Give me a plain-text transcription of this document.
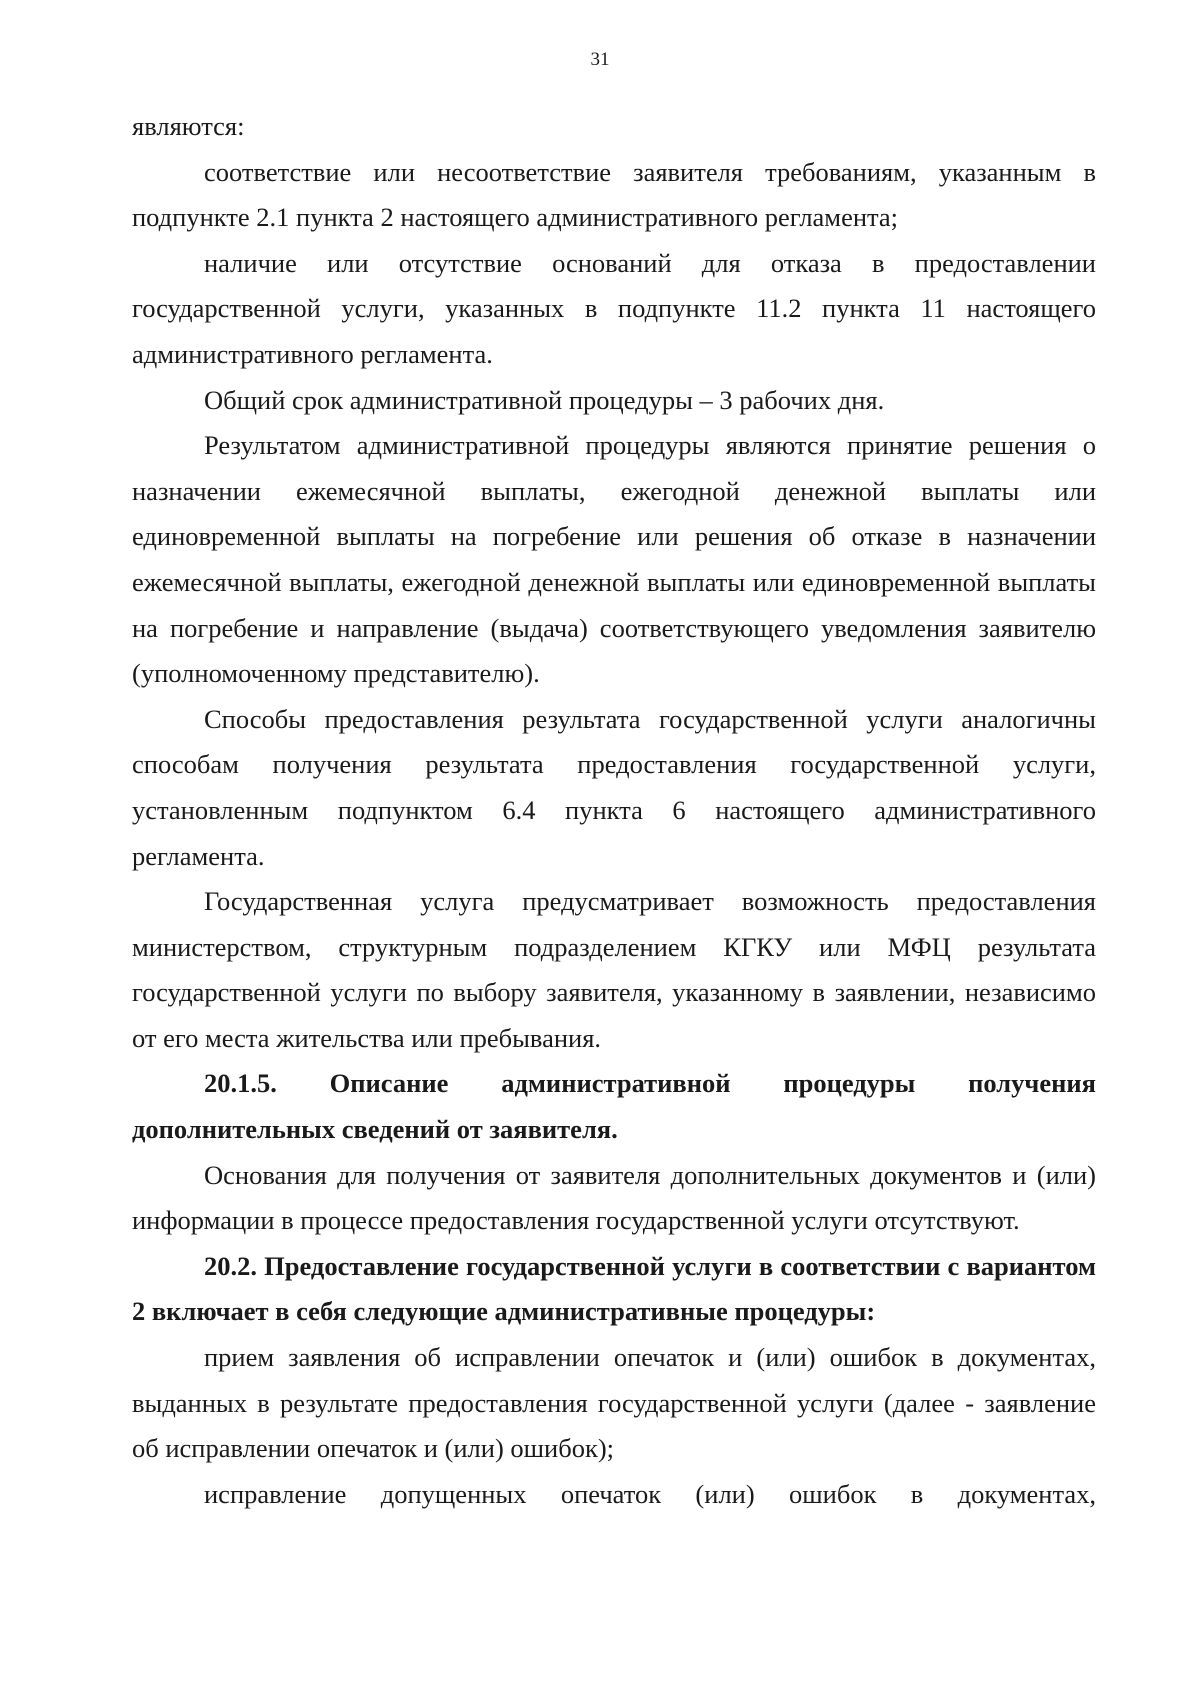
31

являются:

соответствие или несоответствие заявителя требованиям, указанным в подпункте 2.1 пункта 2 настоящего административного регламента;

наличие или отсутствие оснований для отказа в предоставлении государственной услуги, указанных в подпункте 11.2 пункта 11 настоящего административного регламента.

Общий срок административной процедуры – 3 рабочих дня.

Результатом административной процедуры являются принятие решения о назначении ежемесячной выплаты, ежегодной денежной выплаты или единовременной выплаты на погребение или решения об отказе в назначении ежемесячной выплаты, ежегодной денежной выплаты или единовременной выплаты на погребение и направление (выдача) соответствующего уведомления заявителю (уполномоченному представителю).

Способы предоставления результата государственной услуги аналогичны способам получения результата предоставления государственной услуги, установленным подпунктом 6.4 пункта 6 настоящего административного регламента.

Государственная услуга предусматривает возможность предоставления министерством, структурным подразделением КГКУ или МФЦ результата государственной услуги по выбору заявителя, указанному в заявлении, независимо от его места жительства или пребывания.

20.1.5. Описание административной процедуры получения дополнительных сведений от заявителя.

Основания для получения от заявителя дополнительных документов и (или) информации в процессе предоставления государственной услуги отсутствуют.

20.2. Предоставление государственной услуги в соответствии с вариантом 2 включает в себя следующие административные процедуры:

прием заявления об исправлении опечаток и (или) ошибок в документах, выданных в результате предоставления государственной услуги (далее - заявление об исправлении опечаток и (или) ошибок);

исправление допущенных опечаток (или) ошибок в документах,
